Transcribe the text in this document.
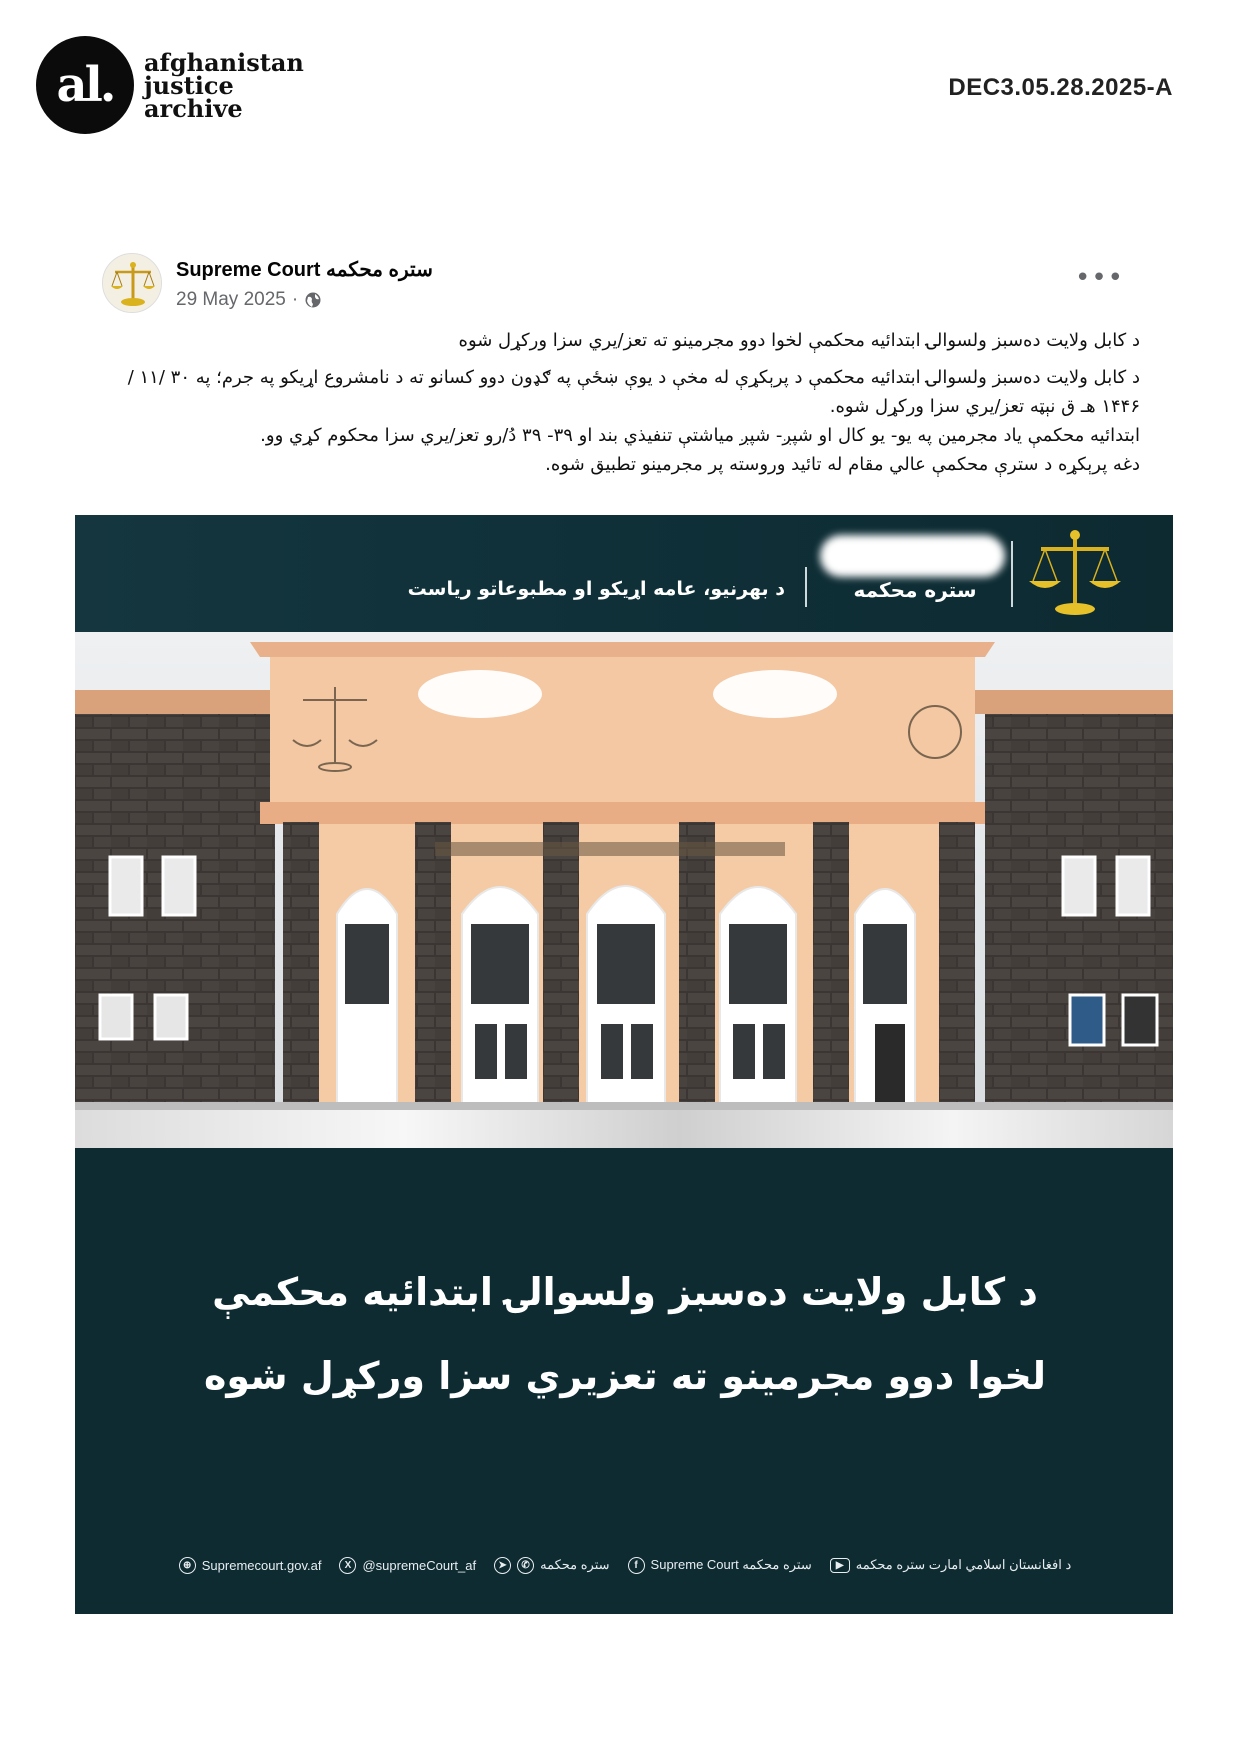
al.	afghanistan
justice
archive
DEC3.05.28.2025-A
Supreme Court ستره محکمه
29 May 2025 ·
•••

د کابل ولایت ده‌سبز ولسوالۍ ابتدائیه محکمې لخوا دوو مجرمینو ته تعز/يري سزا ورکړل شوه

د کابل ولایت ده‌سبز ولسوالۍ ابتدائیه محکمې د پرېکړې له مخې د یوې ښځې په ګډون دوو کسانو ته د نامشروع اړیکو په جرم؛ په ۳۰ /۱۱ /۱۴۴۶ هـ ق نېټه تعز/يري سزا ورکړل شوه.

ابتدائیه محکمې یاد مجرمین په یو- یو کال او شپږ- شپږ میاشتې تنفیذي بند او ۳۹- ۳۹ دُ/رو تعز/يري سزا محکوم کړي وو.

دغه پرېکړه د سترې محکمې عالي مقام له تائید وروسته پر مجرمینو تطبیق شوه.

ستره محکمه
د بهرنیو، عامه اړیکو او مطبوعاتو ریاست
د کابل ولایت ده‌سبز ولسوالۍ ابتدائیه محکمې
لخوا دوو مجرمینو ته تعزیري سزا ورکړل شوه
⊕ Supremecourt.gov.af	X @supremeCourt_af	➤	✆ ستره محکمه	f Supreme Court ستره محکمه	▶ د افغانستان اسلامي امارت ستره محکمه
